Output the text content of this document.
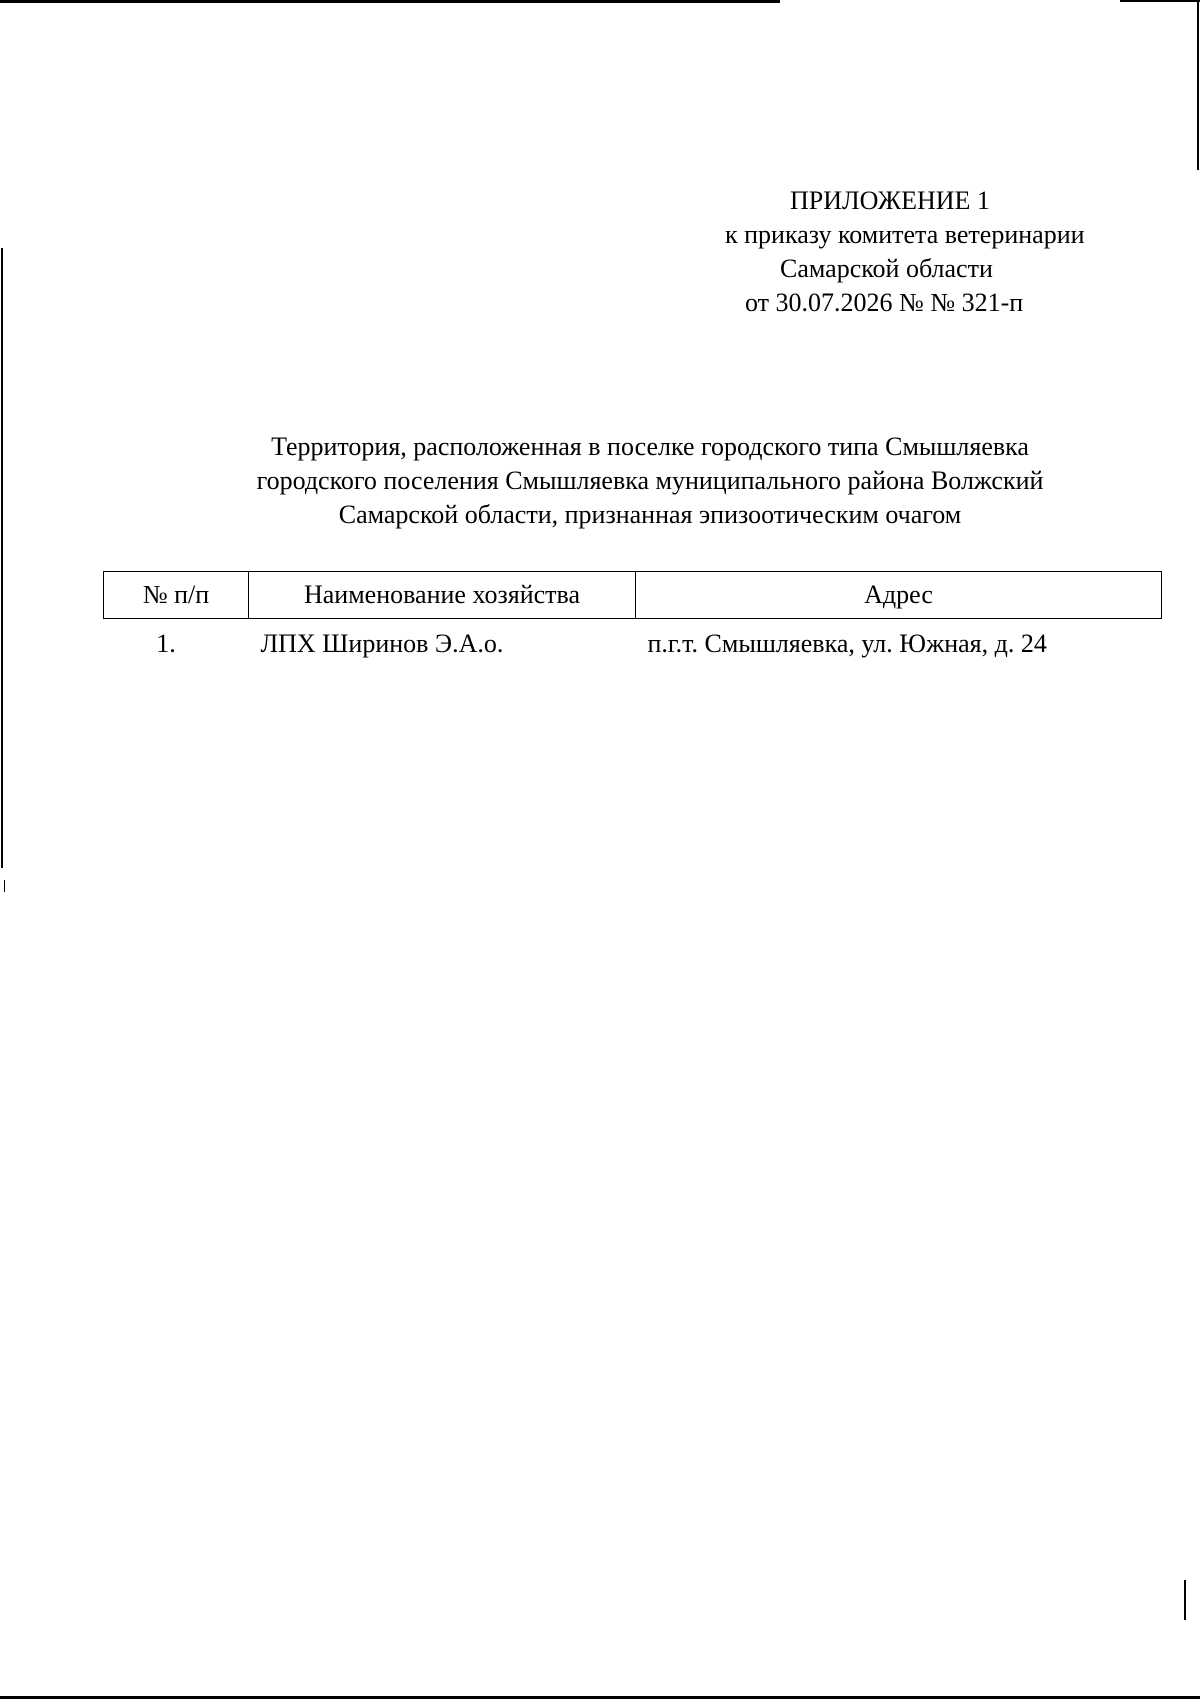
ПРИЛОЖЕНИЕ 1
к приказу комитета ветеринарии
Самарской области
от 30.07.2026 № № 321-п
Территория, расположенная в поселке городского типа Смышляевка
городского поселения Смышляевка муниципального района Волжский
Самарской области, признанная эпизоотическим очагом
№ п/п	Наименование хозяйства	Адрес
1.	ЛПХ Ширинов Э.А.о.	п.г.т. Смышляевка, ул. Южная, д. 24
